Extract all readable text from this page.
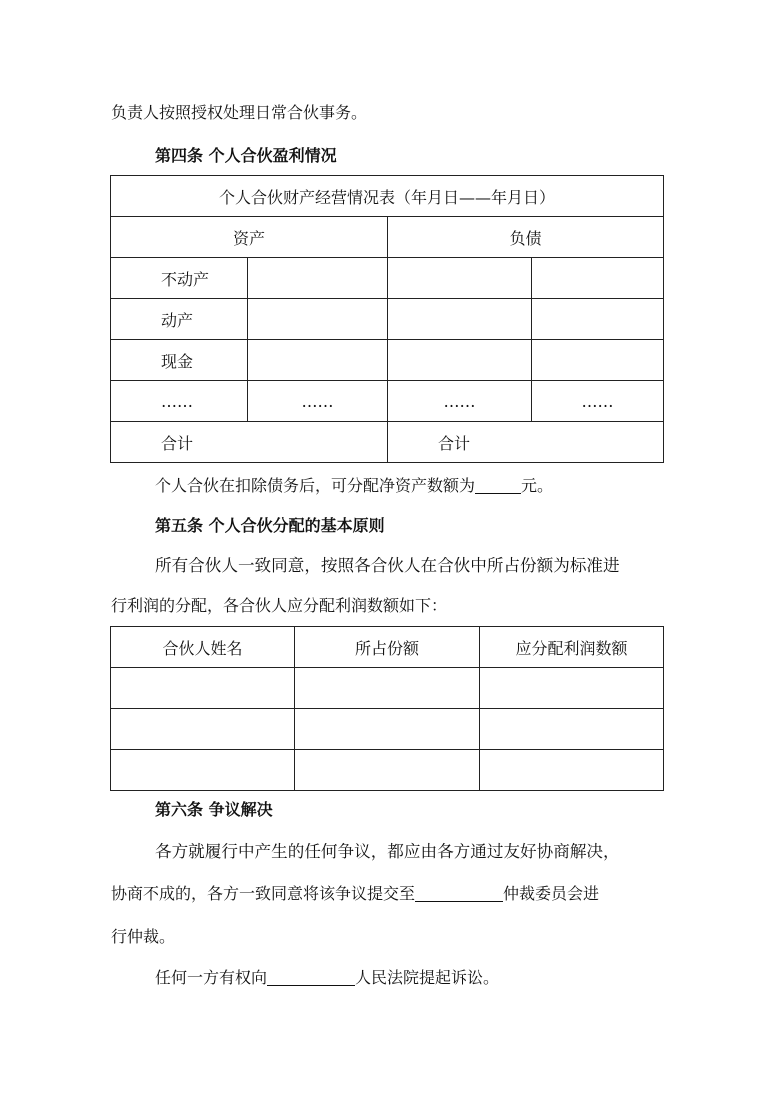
负责人按照授权处理日常合伙事务。
第四条 个人合伙盈利情况
个人合伙财产经营情况表（年月日——年月日）			
资产		负债	
不动产			
动产			
现金			
……	……	……	……
合计		合计	
个人合伙在扣除债务后，可分配净资产数额为	元。
第五条 个人合伙分配的基本原则
所有合伙人一致同意，按照各合伙人在合伙中所占份额为标准进
行利润的分配，各合伙人应分配利润数额如下：
合伙人姓名	所占份额	应分配利润数额

第六条 争议解决
各方就履行中产生的任何争议，都应由各方通过友好协商解决，
协商不成的，各方一致同意将该争议提交至	仲裁委员会进
行仲裁。
任何一方有权向	人民法院提起诉讼。
